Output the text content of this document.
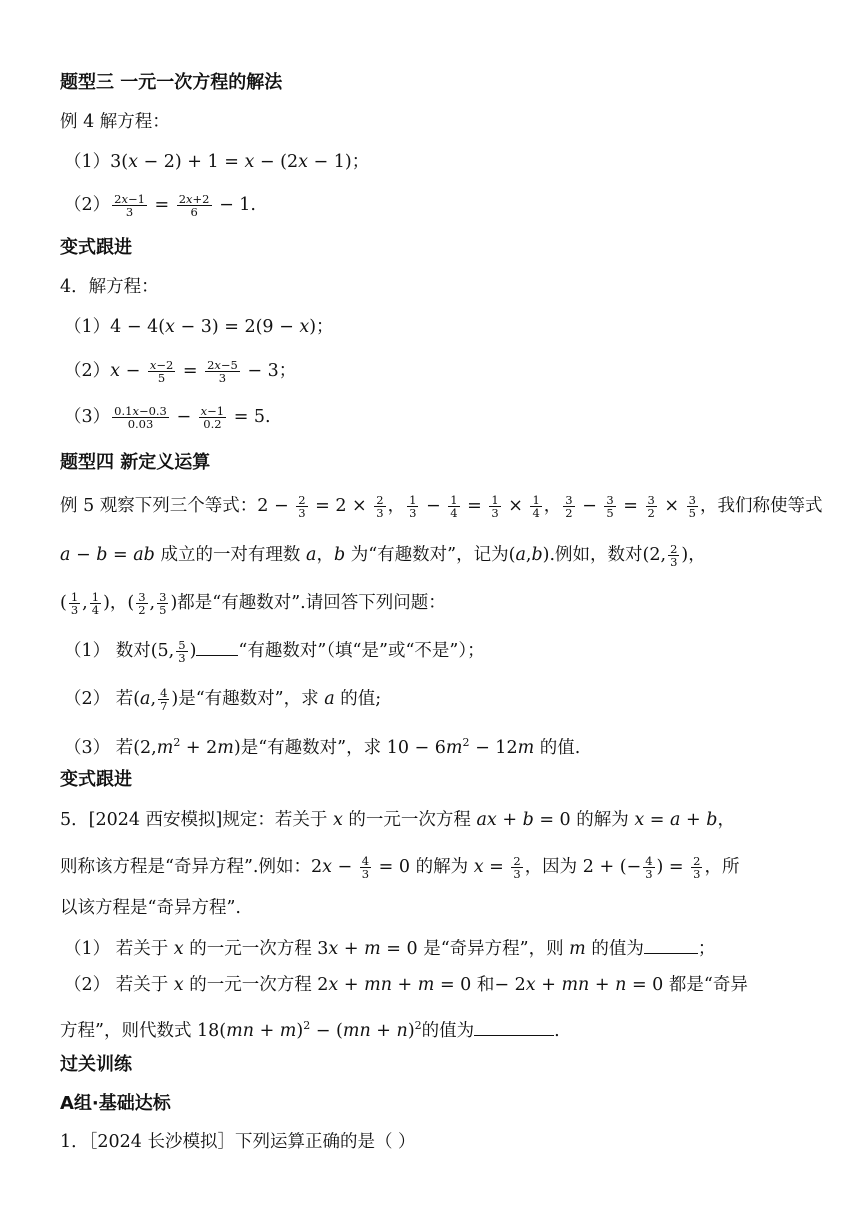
题型三 一元一次方程的解法
例 4 解方程：
（1）3(x − 2) + 1 = x − (2x − 1)；
$(2) \frac{2x-1}{3} = \frac{2x+2}{6} - 1$.
变式跟进
4．解方程：
（1）4 − 4(x − 3) = 2(9 − x)；
$(2)x - \frac{x-2}{5} = \frac{2x-5}{3} - 3$；
$(3) \frac{0.1x-0.3}{0.03} - \frac{x-1}{0.2} = 5$.
题型四 新定义运算
例 5 观察下列三个等式：$2 - \frac{2}{3} = 2 \times \frac{2}{3}$ ， $\frac{1}{3} - \frac{1}{4} = \frac{1}{3} \times \frac{1}{4}$ ， $\frac{3}{2} - \frac{3}{5} = \frac{3}{2} \times \frac{3}{5}$ ，我们称使等式
a − b = ab 成立的一对有理数 a，b 为“有趣数对”，记为(a,b).例如，数对(2, $\frac{2}{3}$ )，
( $\frac{1}{3}$ , $\frac{1}{4}$ )，( $\frac{3}{2}$ , $\frac{3}{5}$ )都是“有趣数对”.请回答下列问题：
（1） 数对(5, $\frac{5}{3}$ ) “有趣数对”（填“是”或“不是”）；
（2） 若(a, $\frac{4}{7}$ )是“有趣数对”，求 a 的值;
（3） 若$(2,m^2 + 2m)$是“有趣数对”，求 $10 - 6m^2 - 12m$ 的值.
变式跟进
5．[2024 西安模拟]规定：若关于 x 的一元一次方程 ax + b = 0 的解为 x = a + b，
则称该方程是“奇异方程”.例如：$2x - \frac{4}{3} = 0$ 的解为 $x = \frac{2}{3}$ ，因为 2 + (− $\frac{4}{3}$ ) = $\frac{2}{3}$ ，所
以该方程是“奇异方程”.
（1） 若关于 x 的一元一次方程 3x + m = 0 是“奇异方程”，则 m 的值为	；
（2） 若关于 x 的一元一次方程 2x + mn + m = 0 和− 2x + mn + n = 0 都是“奇异
方程”，则代数式 18(mn + m)$^2$ − (mn + n)$^2$的值为	.
过关训练
A组·基础达标
1．［2024 长沙模拟］下列运算正确的是（ ）
